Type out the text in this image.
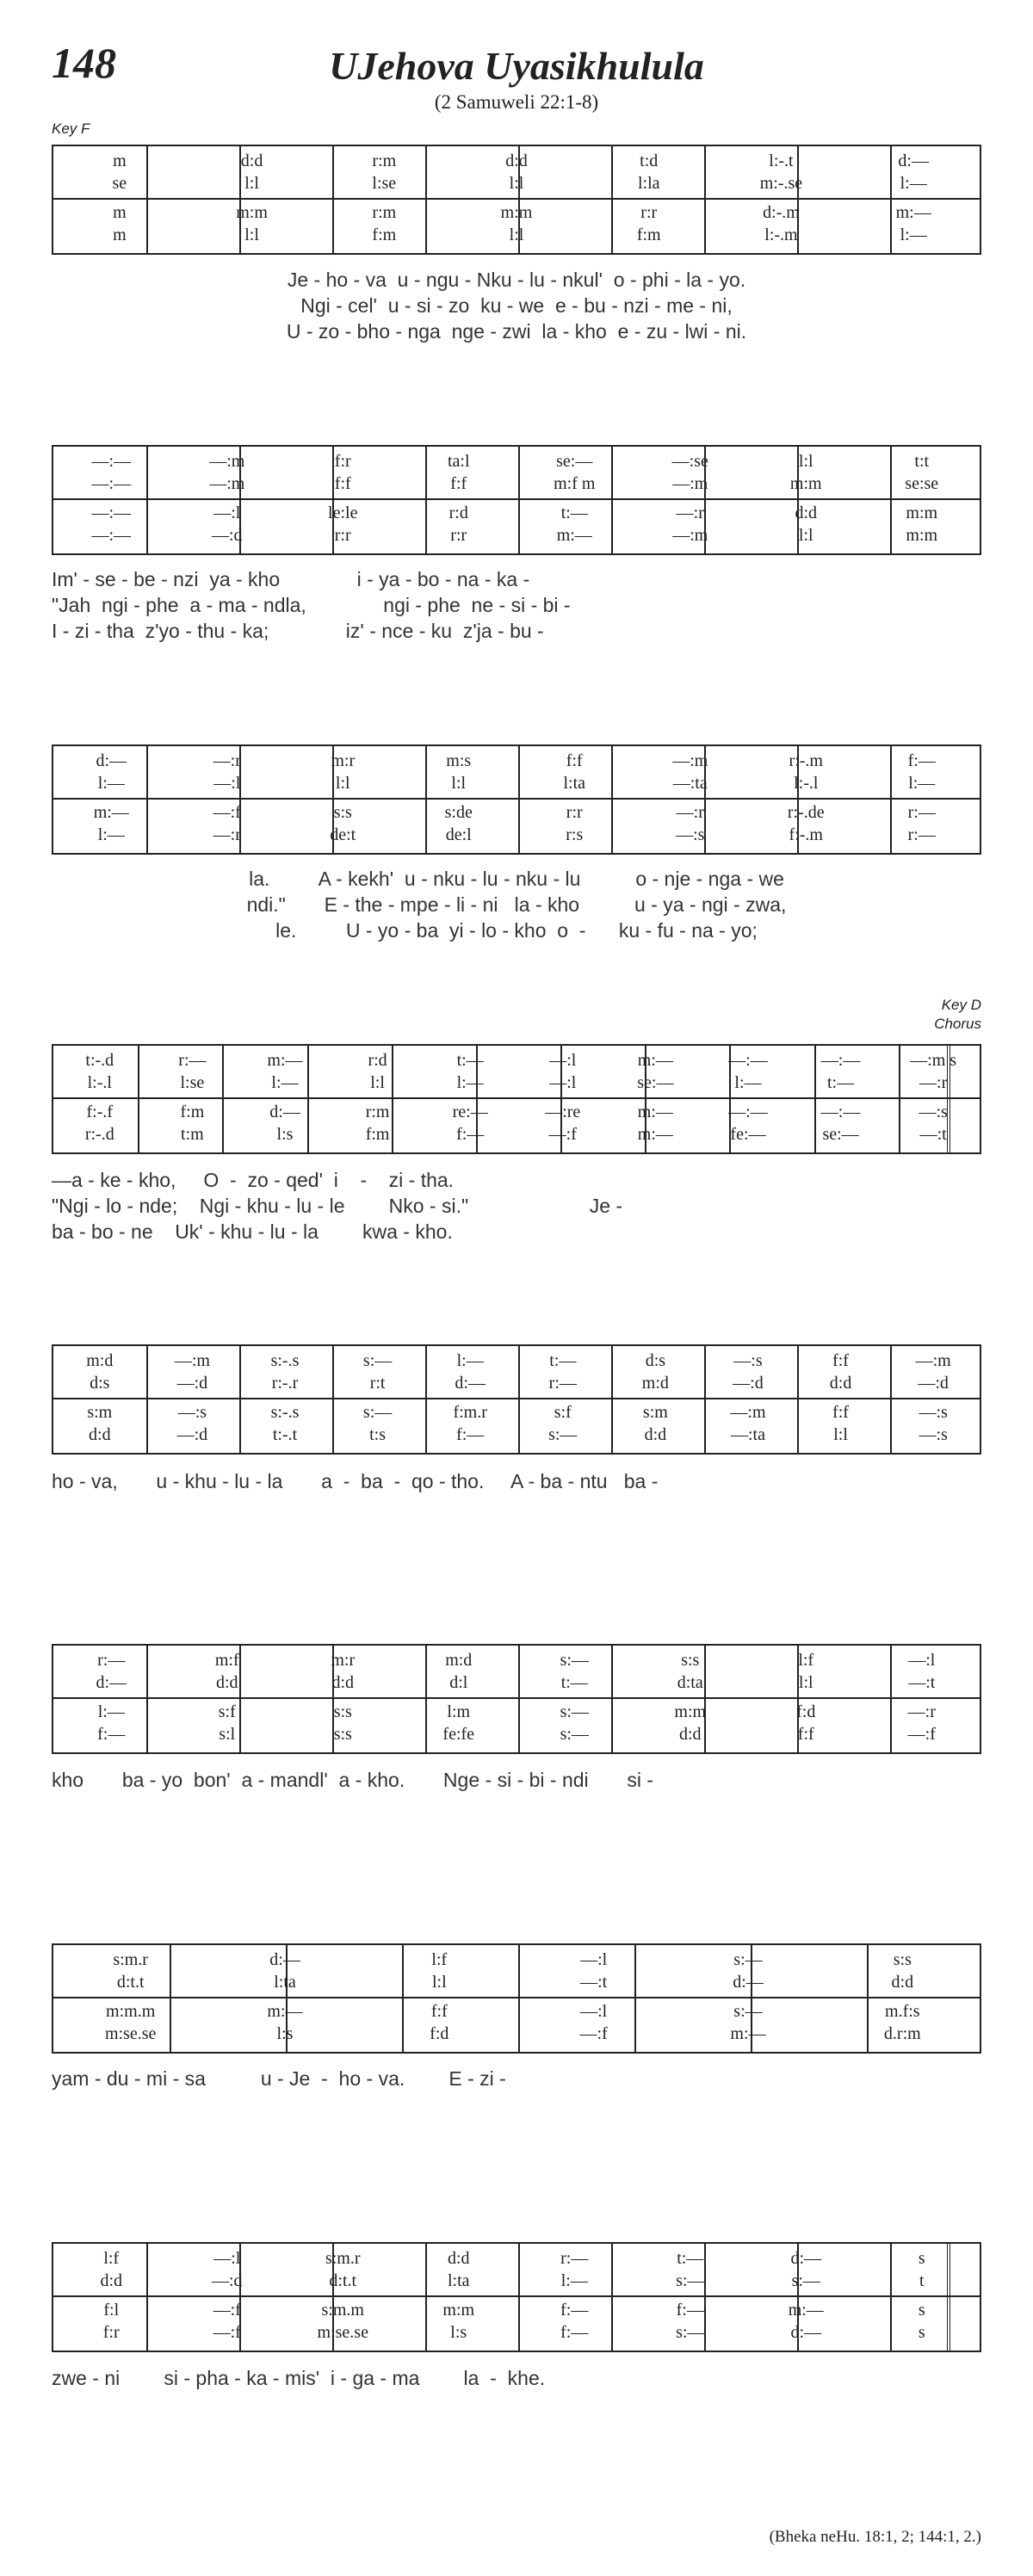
148	UJehova Uyasikhulula
(2 Samuweli 22:1-8)
Key F
Key D
Chorus
m	d:d	r:m	d:d	t:d	l:-.t	d:—
se	l:l	l:se	l:l	l:la	m:-.se	l:—
m	m:m	r:m	m:m	r:r	d:-.m	m:—
m	l:l	f:m	l:l	f:m	l:-.m	l:—
Je - ho - va  u - ngu - Nku - lu - nkul'  o - phi - la - yo.
Ngi - cel'  u - si - zo  ku - we  e - bu - nzi - me - ni,
U - zo - bho - nga  nge - zwi  la - kho  e - zu - lwi - ni.
—:—	—:m	f:r	ta:l	se:—	—:se	l:l	t:t
—:—	—:m	f:f	f:f	m:f m	—:m	m:m	se:se
—:—	—:l	le:le	r:d	t:—	—:r	d:d	m:m
—:—	—:d	r:r	r:r	m:—	—:m	l:l	m:m
Im' - se - be - nzi  ya - kho              i - ya - bo - na - ka -
"Jah  ngi - phe  a - ma - ndla,              ngi - phe  ne - si - bi -
I - zi - tha  z'yo - thu - ka;              iz' - nce - ku  z'ja - bu -
d:—	—:r	m:r	m:s	f:f	—:m	r:-.m	f:—
l:—	—:l	l:l	l:l	l:ta	—:ta	l:-.l	l:—
m:—	—:f	s:s	s:de	r:r	—:r	r:-.de	r:—
l:—	—:r	de:t	de:l	r:s	—:s	f:-.m	r:—
la.         A - kekh'  u - nku - lu - nku - lu          o - nje - nga - we
ndi."       E - the - mpe - li - ni   la - kho          u - ya - ngi - zwa,
le.         U - yo - ba  yi - lo - kho  o  -      ku - fu - na - yo;
t:-.d	r:—	m:—	r:d	t:—	—:l	m:—	—:—	—:—	—:m s
l:-.l	l:se	l:—	l:l	l:—	—:l	se:—	l:—	t:—	—:r
f:-.f	f:m	d:—	r:m	re:—	—:re	m:—	—:—	—:—	—:s
r:-.d	t:m	l:s	f:m	f:—	—:f	m:—	fe:—	se:—	—:t
—a - ke - kho,     O  -  zo - qed'  i    -    zi - tha.
"Ngi - lo - nde;    Ngi - khu - lu - le        Nko - si."                      Je -
ba - bo - ne    Uk' - khu - lu - la        kwa - kho.
m:d	—:m	s:-.s	s:—	l:—	t:—	d:s	—:s	f:f	—:m
d:s	—:d	r:-.r	r:t	d:—	r:—	m:d	—:d	d:d	—:d
s:m	—:s	s:-.s	s:—	f:m.r	s:f	s:m	—:m	f:f	—:s
d:d	—:d	t:-.t	t:s	f:—	s:—	d:d	—:ta	l:l	—:s
ho - va,       u - khu - lu - la       a  -  ba  -  qo - tho.     A - ba - ntu   ba -
r:—	m:f	m:r	m:d	s:—	s:s	l:f	—:l
d:—	d:d	d:d	d:l	t:—	d:ta	l:l	—:t
l:—	s:f	s:s	l:m	s:—	m:m	f:d	—:r
f:—	s:l	s:s	fe:fe	s:—	d:d	f:f	—:f
kho       ba - yo  bon'  a - mandl'  a - kho.       Nge - si - bi - ndi       si -
s:m.r	d:—	l:f	—:l	s:—	s:s
d:t.t	l:ta	l:l	—:t	d:—	d:d
m:m.m	m:—	f:f	—:l	s:—	m.f:s
m:se.se	l:s	f:d	—:f	m:—	d.r:m
yam - du - mi - sa          u - Je  -  ho - va.        E - zi -
l:f	—:l	s:m.r	d:d	r:—	t:—	d:—	s
d:d	—:d	d:t.t	l:ta	l:—	s:—	s:—	t
f:l	—:f	s:m.m	m:m	f:—	f:—	m:—	s
f:r	—:f	m:se.se	l:s	f:—	s:—	d:—	s
zwe - ni        si - pha - ka - mis'  i - ga - ma        la  -  khe.
(Bheka neHu. 18:1, 2; 144:1, 2.)
